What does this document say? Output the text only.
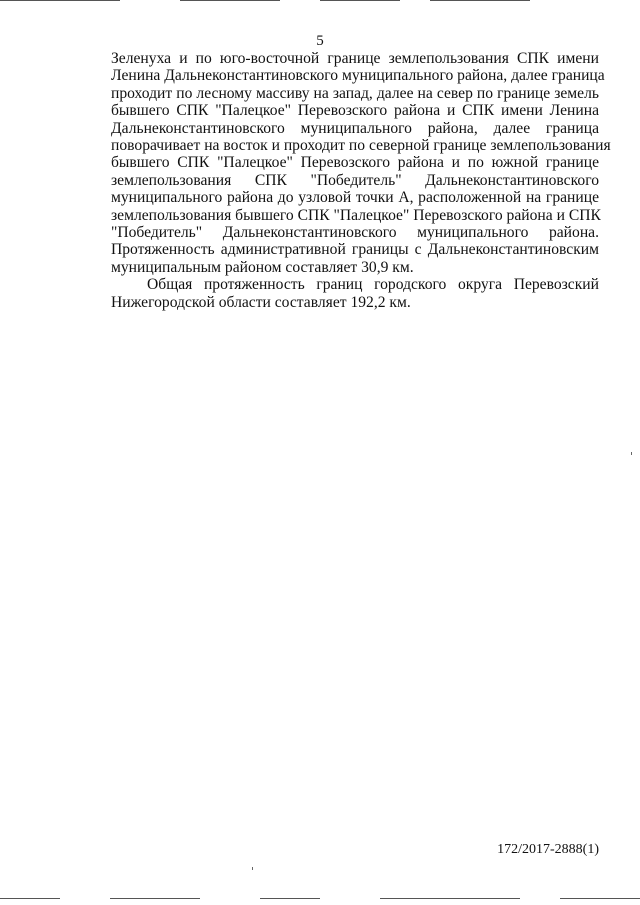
5
Зеленуха и по юго-восточной границе землепользования СПК имени
Ленина Дальнеконстантиновского муниципального района, далее граница
проходит по лесному массиву на запад, далее на север по границе земель
бывшего СПК "Палецкое" Перевозского района и СПК имени Ленина
Дальнеконстантиновского муниципального района, далее граница
поворачивает на восток и проходит по северной границе землепользования
бывшего СПК "Палецкое" Перевозского района и по южной границе
землепользования СПК "Победитель" Дальнеконстантиновского
муниципального района до узловой точки А, расположенной на границе
землепользования бывшего СПК "Палецкое" Перевозского района и СПК
"Победитель" Дальнеконстантиновского муниципального района.
Протяженность административной границы с Дальнеконстантиновским
муниципальным районом составляет 30,9 км.
Общая протяженность границ городского округа Перевозский
Нижегородской области составляет 192,2 км.
172/2017-2888(1)
